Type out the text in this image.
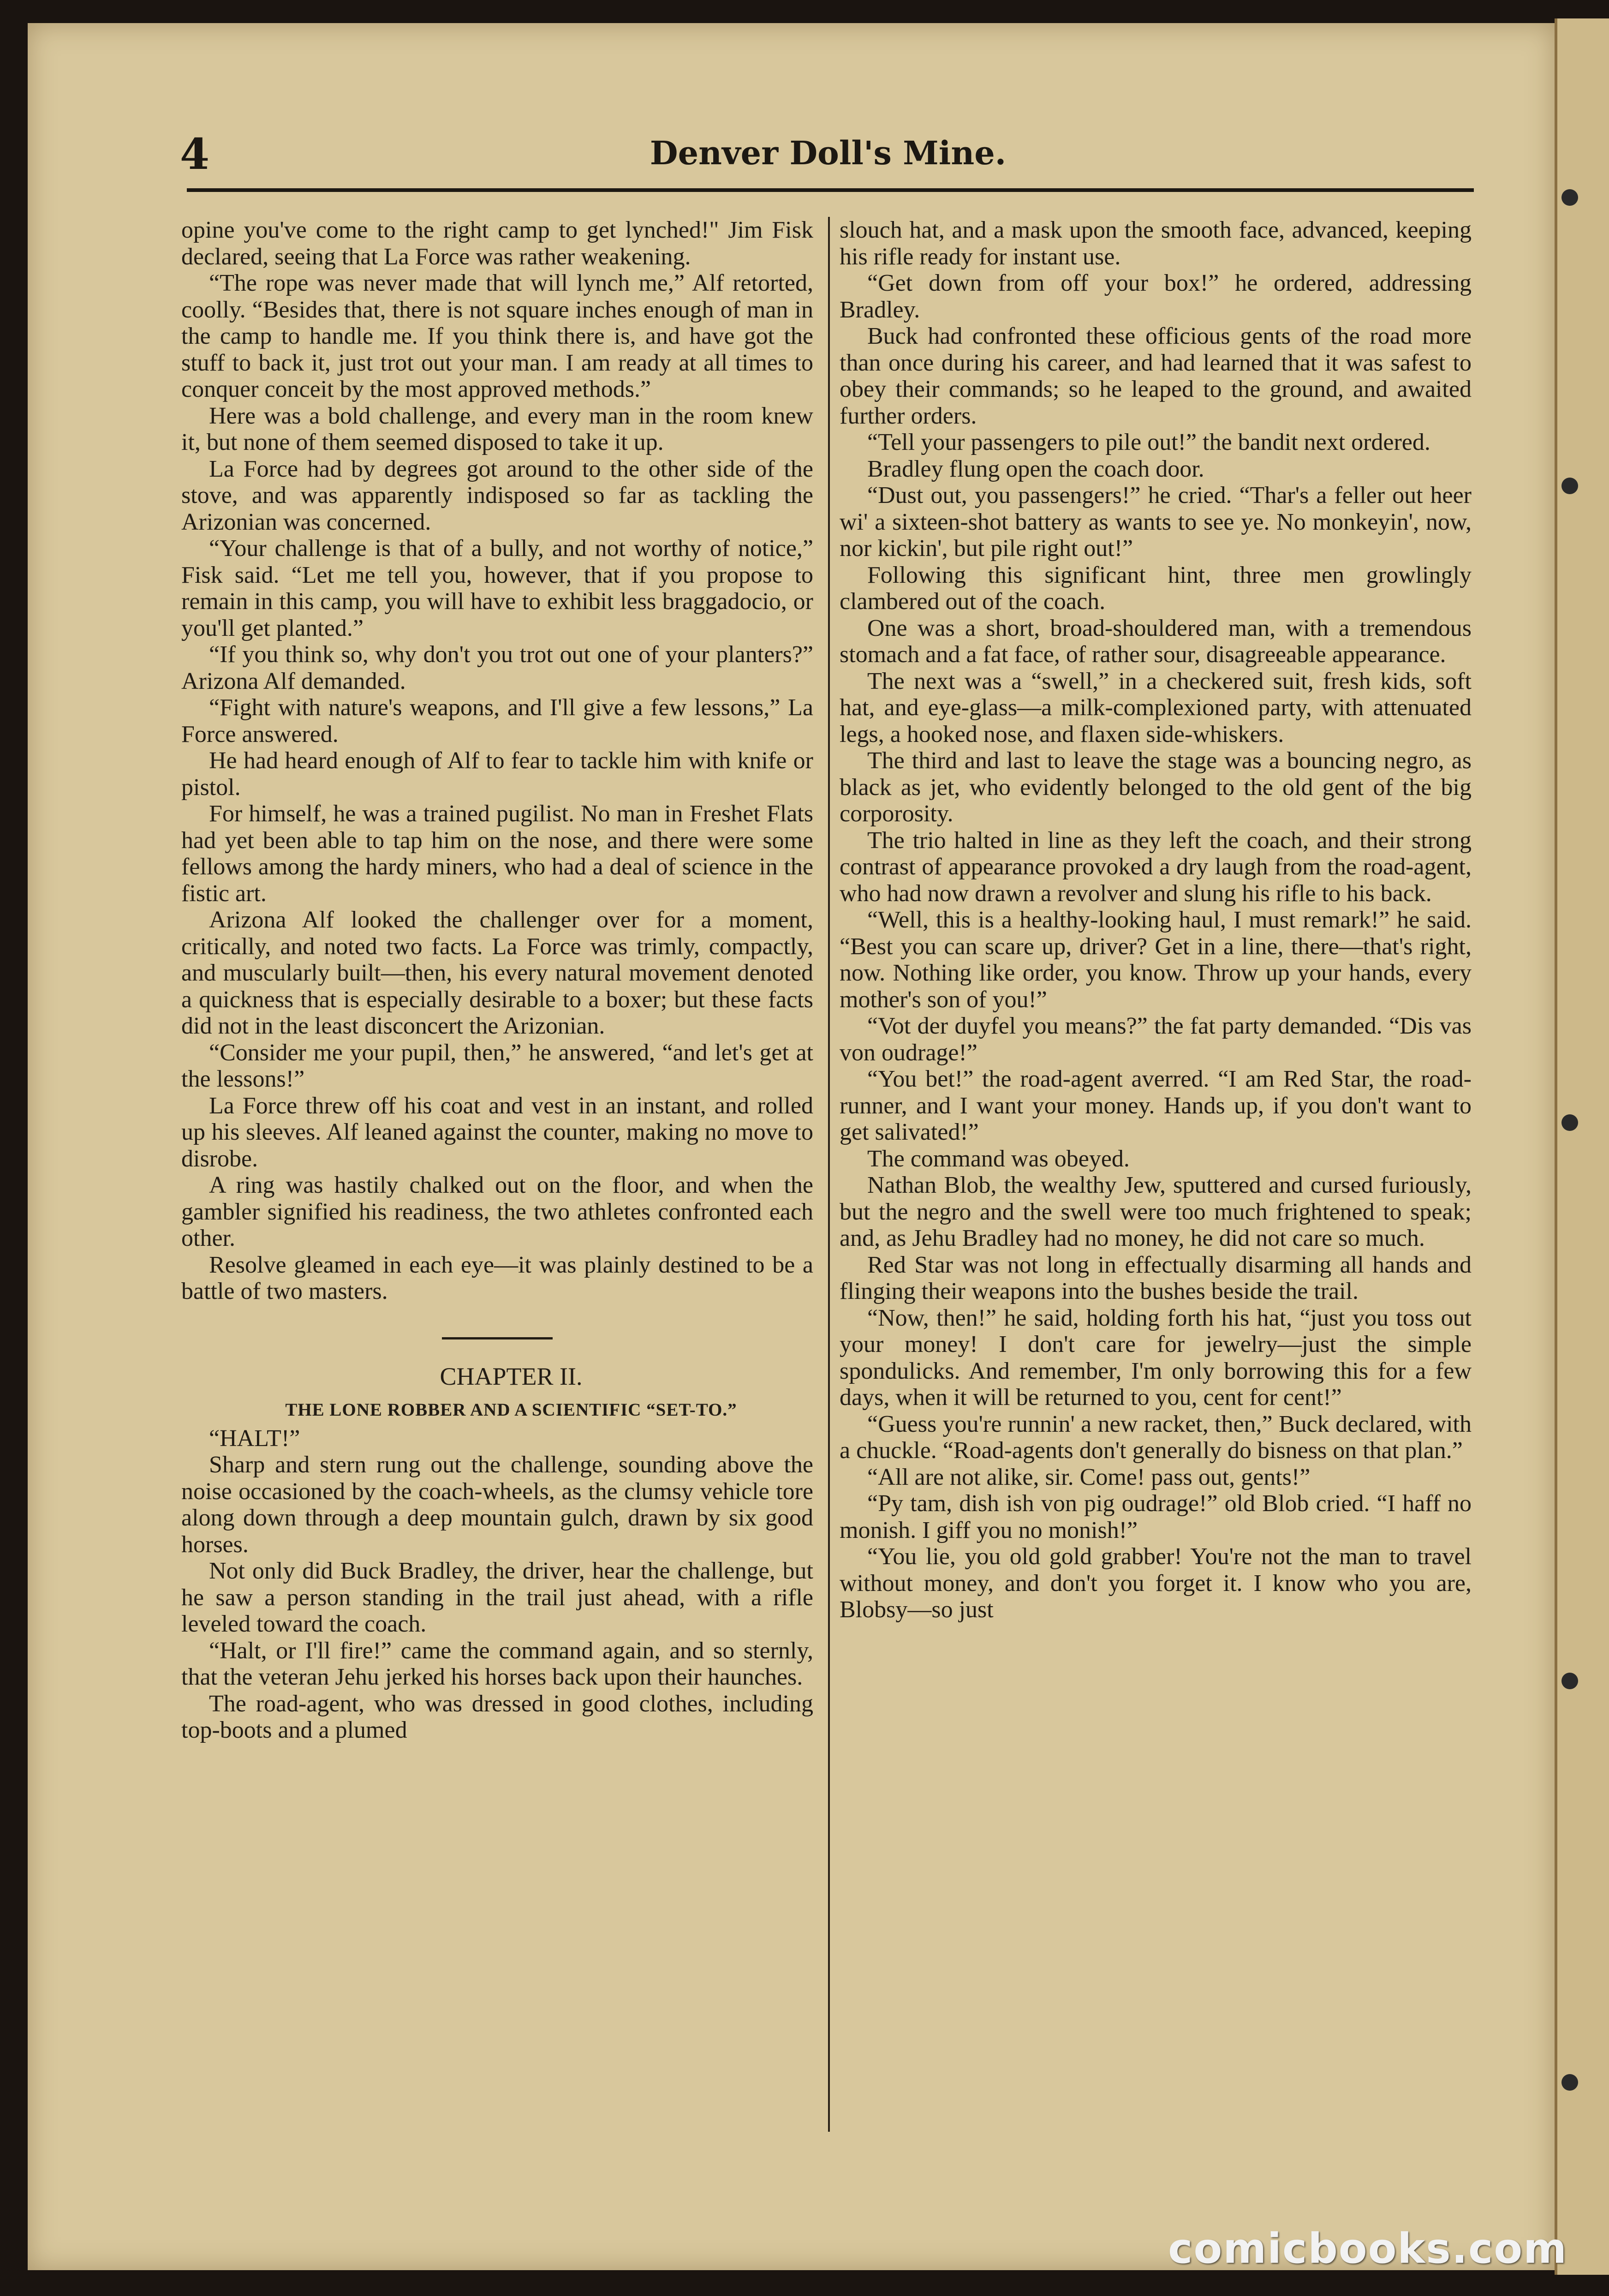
4	Denver Doll's Mine.

opine you've come to the right camp to get lynched!" Jim Fisk declared, seeing that La Force was rather weakening.

“The rope was never made that will lynch me,” Alf retorted, coolly. “Besides that, there is not square inches enough of man in the camp to handle me. If you think there is, and have got the stuff to back it, just trot out your man. I am ready at all times to conquer conceit by the most approved methods.”

Here was a bold challenge, and every man in the room knew it, but none of them seemed disposed to take it up.

La Force had by degrees got around to the other side of the stove, and was apparently indisposed so far as tackling the Arizonian was concerned.

“Your challenge is that of a bully, and not worthy of notice,” Fisk said. “Let me tell you, however, that if you propose to remain in this camp, you will have to exhibit less braggadocio, or you'll get planted.”

“If you think so, why don't you trot out one of your planters?” Arizona Alf demanded.

“Fight with nature's weapons, and I'll give a few lessons,” La Force answered.

He had heard enough of Alf to fear to tackle him with knife or pistol.

For himself, he was a trained pugilist. No man in Freshet Flats had yet been able to tap him on the nose, and there were some fellows among the hardy miners, who had a deal of science in the fistic art.

Arizona Alf looked the challenger over for a moment, critically, and noted two facts. La Force was trimly, compactly, and muscularly built—then, his every natural movement denoted a quickness that is especially desirable to a boxer; but these facts did not in the least disconcert the Arizonian.

“Consider me your pupil, then,” he answered, “and let's get at the lessons!”

La Force threw off his coat and vest in an instant, and rolled up his sleeves. Alf leaned against the counter, making no move to disrobe.

A ring was hastily chalked out on the floor, and when the gambler signified his readiness, the two athletes confronted each other.

Resolve gleamed in each eye—it was plainly destined to be a battle of two masters.

CHAPTER II.

THE LONE ROBBER AND A SCIENTIFIC “SET-TO.”

“HALT!”

Sharp and stern rung out the challenge, sounding above the noise occasioned by the coach-wheels, as the clumsy vehicle tore along down through a deep mountain gulch, drawn by six good horses.

Not only did Buck Bradley, the driver, hear the challenge, but he saw a person standing in the trail just ahead, with a rifle leveled toward the coach.

“Halt, or I'll fire!” came the command again, and so sternly, that the veteran Jehu jerked his horses back upon their haunches.

The road-agent, who was dressed in good clothes, including top-boots and a plumed

slouch hat, and a mask upon the smooth face, advanced, keeping his rifle ready for instant use.

“Get down from off your box!” he ordered, addressing Bradley.

Buck had confronted these officious gents of the road more than once during his career, and had learned that it was safest to obey their commands; so he leaped to the ground, and awaited further orders.

“Tell your passengers to pile out!” the bandit next ordered.

Bradley flung open the coach door.

“Dust out, you passengers!” he cried. “Thar's a feller out heer wi' a sixteen-shot battery as wants to see ye. No monkeyin', now, nor kickin', but pile right out!”

Following this significant hint, three men growlingly clambered out of the coach.

One was a short, broad-shouldered man, with a tremendous stomach and a fat face, of rather sour, disagreeable appearance.

The next was a “swell,” in a checkered suit, fresh kids, soft hat, and eye-glass—a milk-complexioned party, with attenuated legs, a hooked nose, and flaxen side-whiskers.

The third and last to leave the stage was a bouncing negro, as black as jet, who evidently belonged to the old gent of the big corporosity.

The trio halted in line as they left the coach, and their strong contrast of appearance provoked a dry laugh from the road-agent, who had now drawn a revolver and slung his rifle to his back.

“Well, this is a healthy-looking haul, I must remark!” he said. “Best you can scare up, driver? Get in a line, there—that's right, now. Nothing like order, you know. Throw up your hands, every mother's son of you!”

“Vot der duyfel you means?” the fat party demanded. “Dis vas von oudrage!”

“You bet!” the road-agent averred. “I am Red Star, the road-runner, and I want your money. Hands up, if you don't want to get salivated!”

The command was obeyed.

Nathan Blob, the wealthy Jew, sputtered and cursed furiously, but the negro and the swell were too much frightened to speak; and, as Jehu Bradley had no money, he did not care so much.

Red Star was not long in effectually disarming all hands and flinging their weapons into the bushes beside the trail.

“Now, then!” he said, holding forth his hat, “just you toss out your money! I don't care for jewelry—just the simple spondulicks. And remember, I'm only borrowing this for a few days, when it will be returned to you, cent for cent!”

“Guess you're runnin' a new racket, then,” Buck declared, with a chuckle. “Road-agents don't generally do bisness on that plan.”

“All are not alike, sir. Come! pass out, gents!”

“Py tam, dish ish von pig oudrage!” old Blob cried. “I haff no monish. I giff you no monish!”

“You lie, you old gold grabber! You're not the man to travel without money, and don't you forget it. I know who you are, Blobsy—so just

comicbooks.com
